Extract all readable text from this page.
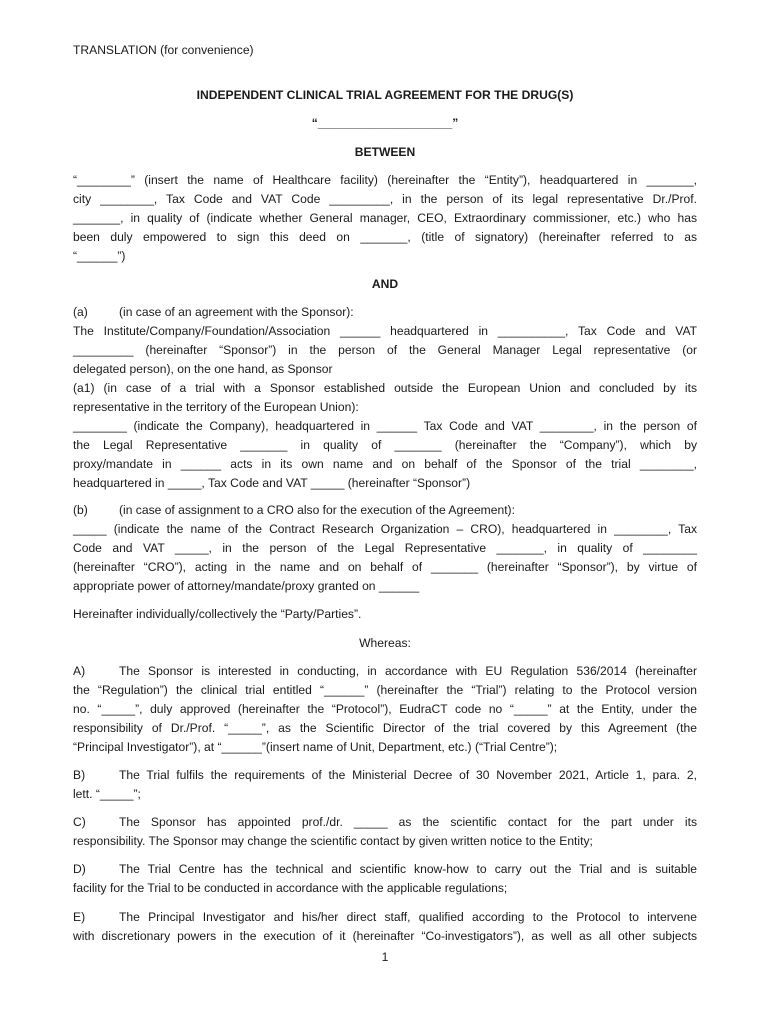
TRANSLATION (for convenience)
INDEPENDENT CLINICAL TRIAL AGREEMENT FOR THE DRUG(S)
“____________________”
BETWEEN
“________” (insert the name of Healthcare facility) (hereinafter the “Entity”), headquartered in _______,
city ________, Tax Code and VAT Code _________, in the person of its legal representative Dr./Prof.
_______, in quality of (indicate whether General manager, CEO, Extraordinary commissioner, etc.) who has
been duly empowered to sign this deed on _______, (title of signatory) (hereinafter referred to as
“______”)
AND
(a)	(in case of an agreement with the Sponsor):
The Institute/Company/Foundation/Association ______ headquartered in __________, Tax Code and VAT
_________ (hereinafter “Sponsor”) in the person of the General Manager Legal representative (or
delegated person), on the one hand, as Sponsor
(a1) (in case of a trial with a Sponsor established outside the European Union and concluded by its
representative in the territory of the European Union):
________ (indicate the Company), headquartered in ______ Tax Code and VAT ________, in the person of
the Legal Representative _______ in quality of _______ (hereinafter the “Company”), which by
proxy/mandate in ______ acts in its own name and on behalf of the Sponsor of the trial ________,
headquartered in _____, Tax Code and VAT _____ (hereinafter “Sponsor”)
(b)	(in case of assignment to a CRO also for the execution of the Agreement):
_____ (indicate the name of the Contract Research Organization – CRO), headquartered in ________, Tax
Code and VAT _____, in the person of the Legal Representative _______, in quality of ________
(hereinafter “CRO”), acting in the name and on behalf of _______ (hereinafter “Sponsor”), by virtue of
appropriate power of attorney/mandate/proxy granted on ______
Hereinafter individually/collectively the “Party/Parties”.
Whereas:
A)	The Sponsor is interested in conducting, in accordance with EU Regulation 536/2014 (hereinafter
the “Regulation”) the clinical trial entitled “______” (hereinafter the “Trial”) relating to the Protocol version
no. “_____”, duly approved (hereinafter the “Protocol”), EudraCT code no “_____” at the Entity, under the
responsibility of Dr./Prof. “_____”, as the Scientific Director of the trial covered by this Agreement (the
“Principal Investigator”), at “______”(insert name of Unit, Department, etc.) (“Trial Centre”);
B)	The Trial fulfils the requirements of the Ministerial Decree of 30 November 2021, Article 1, para. 2,
lett. “_____”;
C)	The Sponsor has appointed prof./dr. _____ as the scientific contact for the part under its
responsibility. The Sponsor may change the scientific contact by given written notice to the Entity;
D)	The Trial Centre has the technical and scientific know-how to carry out the Trial and is suitable
facility for the Trial to be conducted in accordance with the applicable regulations;
E)	The Principal Investigator and his/her direct staff, qualified according to the Protocol to intervene
with discretionary powers in the execution of it (hereinafter “Co-investigators”), as well as all other subjects
1
